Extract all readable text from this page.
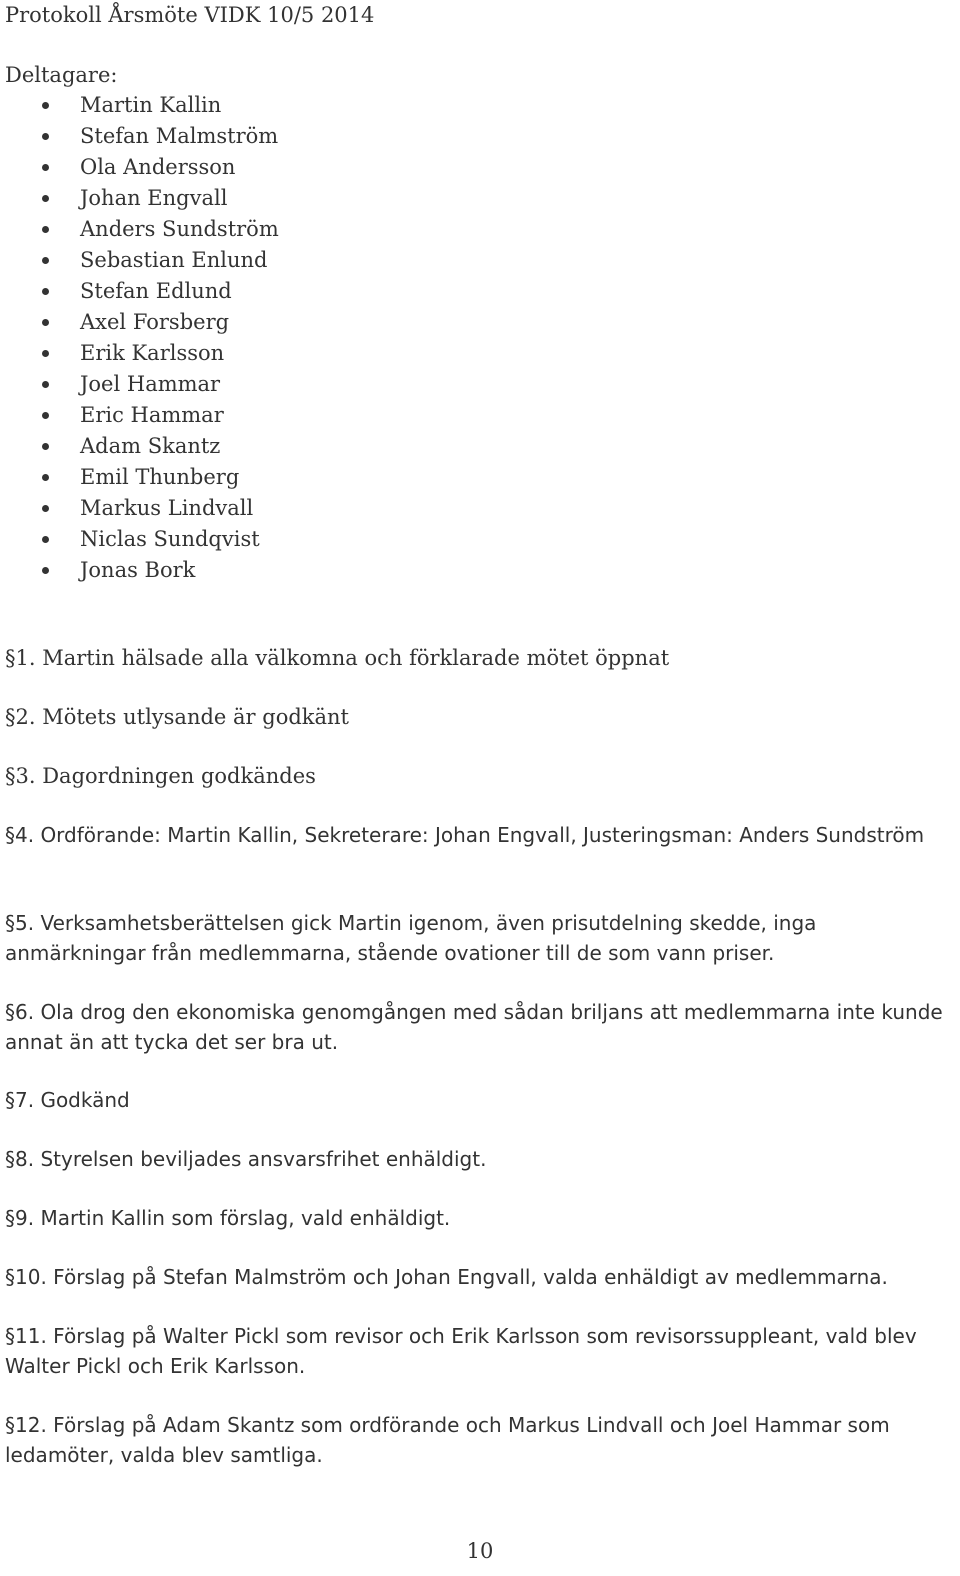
Protokoll Årsmöte VIDK 10/5 2014
Deltagare:
Martin Kallin
Stefan Malmström
Ola Andersson
Johan Engvall
Anders Sundström
Sebastian Enlund
Stefan Edlund
Axel Forsberg
Erik Karlsson
Joel Hammar
Eric Hammar
Adam Skantz
Emil Thunberg
Markus Lindvall
Niclas Sundqvist
Jonas Bork
§1. Martin hälsade alla välkomna och förklarade mötet öppnat
§2. Mötets utlysande är godkänt
§3. Dagordningen godkändes
§4. Ordförande: Martin Kallin, Sekreterare: Johan Engvall, Justeringsman: Anders Sundström
§5. Verksamhetsberättelsen gick Martin igenom, även prisutdelning skedde, inga anmärkningar från medlemmarna, stående ovationer till de som vann priser.
§6. Ola drog den ekonomiska genomgången med sådan briljans att medlemmarna inte kunde annat än att tycka det ser bra ut.
§7. Godkänd
§8. Styrelsen beviljades ansvarsfrihet enhäldigt.
§9. Martin Kallin som förslag, vald enhäldigt.
§10. Förslag på Stefan Malmström och Johan Engvall, valda enhäldigt av medlemmarna.
§11. Förslag på Walter Pickl som revisor och Erik Karlsson som revisorssuppleant, vald blev Walter Pickl och Erik Karlsson.
§12. Förslag på Adam Skantz som ordförande och Markus Lindvall och Joel Hammar som ledamöter, valda blev samtliga.
10
